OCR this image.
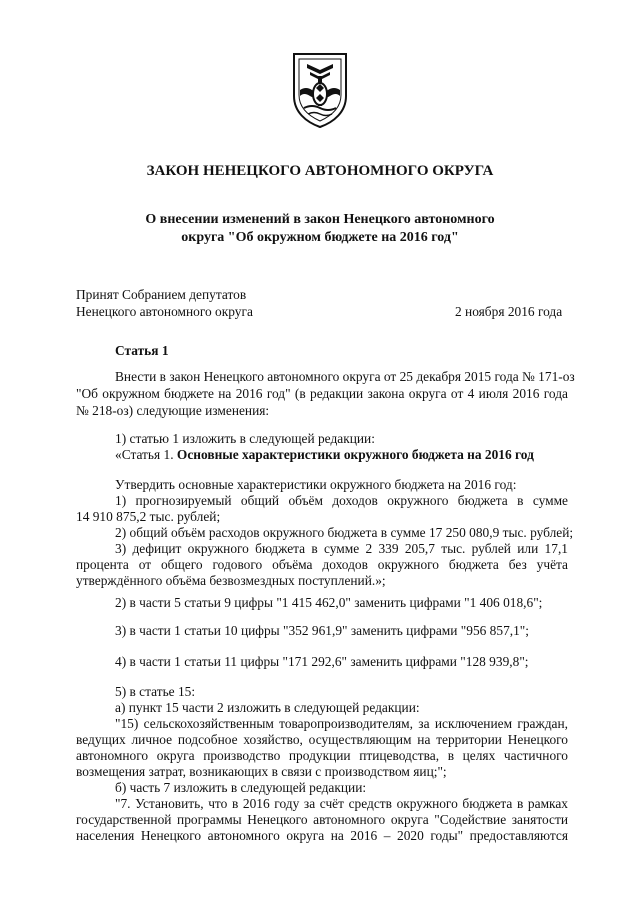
ЗАКОН НЕНЕЦКОГО АВТОНОМНОГО ОКРУГА
О внесении изменений в закон Ненецкого автономного
округа "Об окружном бюджете на 2016 год"
Принят Собранием депутатов
Ненецкого автономного округа	2 ноября 2016 года
Статья 1
Внести в закон Ненецкого автономного округа от 25 декабря 2015 года № 171-оз
"Об окружном бюджете на 2016 год" (в редакции закона округа от 4 июля 2016 года
№ 218-оз) следующие изменения:
1) статью 1 изложить в следующей редакции:
«Статья 1. Основные характеристики окружного бюджета на 2016 год
Утвердить основные характеристики окружного бюджета на 2016 год:
1) прогнозируемый общий объём доходов окружного бюджета в сумме
14 910 875,2 тыс. рублей;
2) общий объём расходов окружного бюджета в сумме 17 250 080,9 тыс. рублей;
3) дефицит окружного бюджета в сумме 2 339 205,7 тыс. рублей или 17,1
процента от общего годового объёма доходов окружного бюджета без учёта
утверждённого объёма безвозмездных поступлений.»;
2) в части 5 статьи 9 цифры "1 415 462,0" заменить цифрами "1 406 018,6";
3) в части 1 статьи 10 цифры "352 961,9" заменить цифрами "956 857,1";
4) в части 1 статьи 11 цифры "171 292,6" заменить цифрами "128 939,8";
5) в статье 15:
а) пункт 15 части 2 изложить в следующей редакции:
"15) сельскохозяйственным товаропроизводителям, за исключением граждан,
ведущих личное подсобное хозяйство, осуществляющим на территории Ненецкого
автономного округа производство продукции птицеводства, в целях частичного
возмещения затрат, возникающих в связи с производством яиц;";
б) часть 7 изложить в следующей редакции:
"7. Установить, что в 2016 году за счёт средств окружного бюджета в рамках
государственной программы Ненецкого автономного округа "Содействие занятости
населения Ненецкого автономного округа на 2016 – 2020 годы" предоставляются
